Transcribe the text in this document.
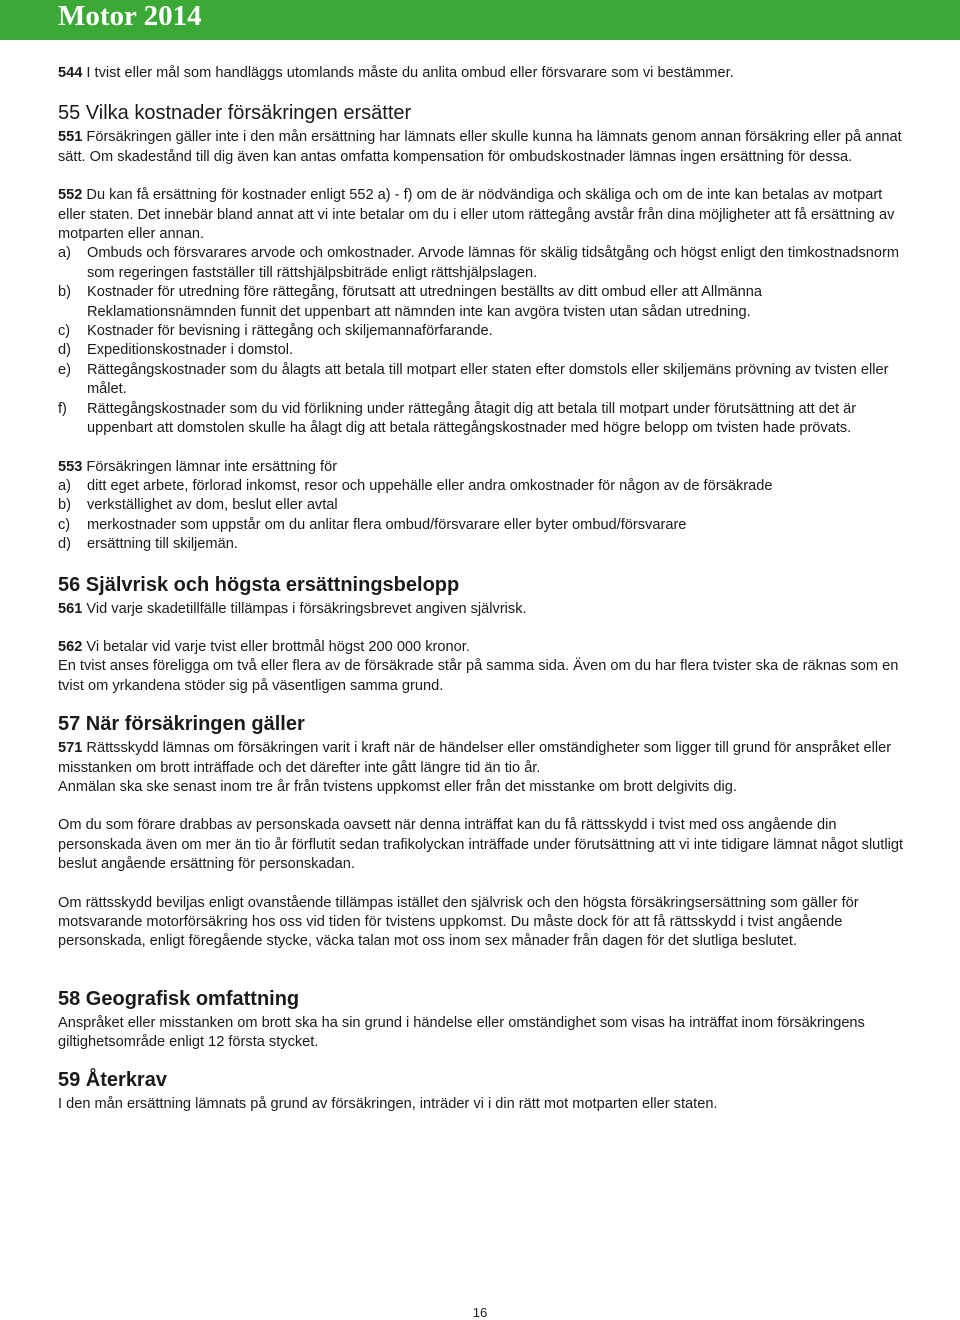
Motor 2014

544 I tvist eller mål som handläggs utomlands måste du anlita ombud eller försvarare som vi bestämmer.

55 Vilka kostnader försäkringen ersätter

551 Försäkringen gäller inte i den mån ersättning har lämnats eller skulle kunna ha lämnats genom annan försäkring eller på annat sätt. Om skadestånd till dig även kan antas omfatta kompensation för ombudskostnader lämnas ingen ersättning för dessa.

552 Du kan få ersättning för kostnader enligt 552 a) - f) om de är nödvändiga och skäliga och om de inte kan betalas av motpart eller staten. Det innebär bland annat att vi inte betalar om du i eller utom rättegång avstår från dina möjligheter att få ersättning av motparten eller annan.

a)	Ombuds och försvarares arvode och omkostnader. Arvode lämnas för skälig tidsåtgång och högst enligt den timkostnadsnorm som regeringen fastställer till rättshjälpsbiträde enligt rättshjälpslagen.
b)	Kostnader för utredning före rättegång, förutsatt att utredningen beställts av ditt ombud eller att Allmänna Reklamationsnämnden funnit det uppenbart att nämnden inte kan avgöra tvisten utan sådan utredning.
c)	Kostnader för bevisning i rättegång och skiljemannaförfarande.
d)	Expeditionskostnader i domstol.
e)	Rättegångskostnader som du ålagts att betala till motpart eller staten efter domstols eller skiljemäns prövning av tvisten eller målet.
f)	Rättegångskostnader som du vid förlikning under rättegång åtagit dig att betala till motpart under förutsättning att det är uppenbart att domstolen skulle ha ålagt dig att betala rättegångskostnader med högre belopp om tvisten hade prövats.

553 Försäkringen lämnar inte ersättning för

a)	ditt eget arbete, förlorad inkomst, resor och uppehälle eller andra omkostnader för någon av de försäkrade
b)	verkställighet av dom, beslut eller avtal
c)	merkostnader som uppstår om du anlitar flera ombud/försvarare eller byter ombud/försvarare
d)	ersättning till skiljemän.
56 Självrisk och högsta ersättningsbelopp

561 Vid varje skadetillfälle tillämpas i försäkringsbrevet angiven självrisk.

562 Vi betalar vid varje tvist eller brottmål högst 200 000 kronor.

En tvist anses föreligga om två eller flera av de försäkrade står på samma sida. Även om du har flera tvister ska de räknas som en tvist om yrkandena stöder sig på väsentligen samma grund.

57 När försäkringen gäller

571 Rättsskydd lämnas om försäkringen varit i kraft när de händelser eller omständigheter som ligger till grund för anspråket eller misstanken om brott inträffade och det därefter inte gått längre tid än tio år.

Anmälan ska ske senast inom tre år från tvistens uppkomst eller från det misstanke om brott delgivits dig.

Om du som förare drabbas av personskada oavsett när denna inträffat kan du få rättsskydd i tvist med oss angående din personskada även om mer än tio år förflutit sedan trafikolyckan inträffade under förutsättning att vi inte tidigare lämnat något slutligt beslut angående ersättning för personskadan.

Om rättsskydd beviljas enligt ovanstående tillämpas istället den självrisk och den högsta försäkringsersättning som gäller för motsvarande motorförsäkring hos oss vid tiden för tvistens uppkomst. Du måste dock för att få rättsskydd i tvist angående personskada, enligt föregående stycke, väcka talan mot oss inom sex månader från dagen för det slutliga beslutet.

58 Geografisk omfattning

Anspråket eller misstanken om brott ska ha sin grund i händelse eller omständighet som visas ha inträffat inom försäkringens giltighetsområde enligt 12 första stycket.

59 Återkrav

I den mån ersättning lämnats på grund av försäkringen, inträder vi i din rätt mot motparten eller staten.

16
